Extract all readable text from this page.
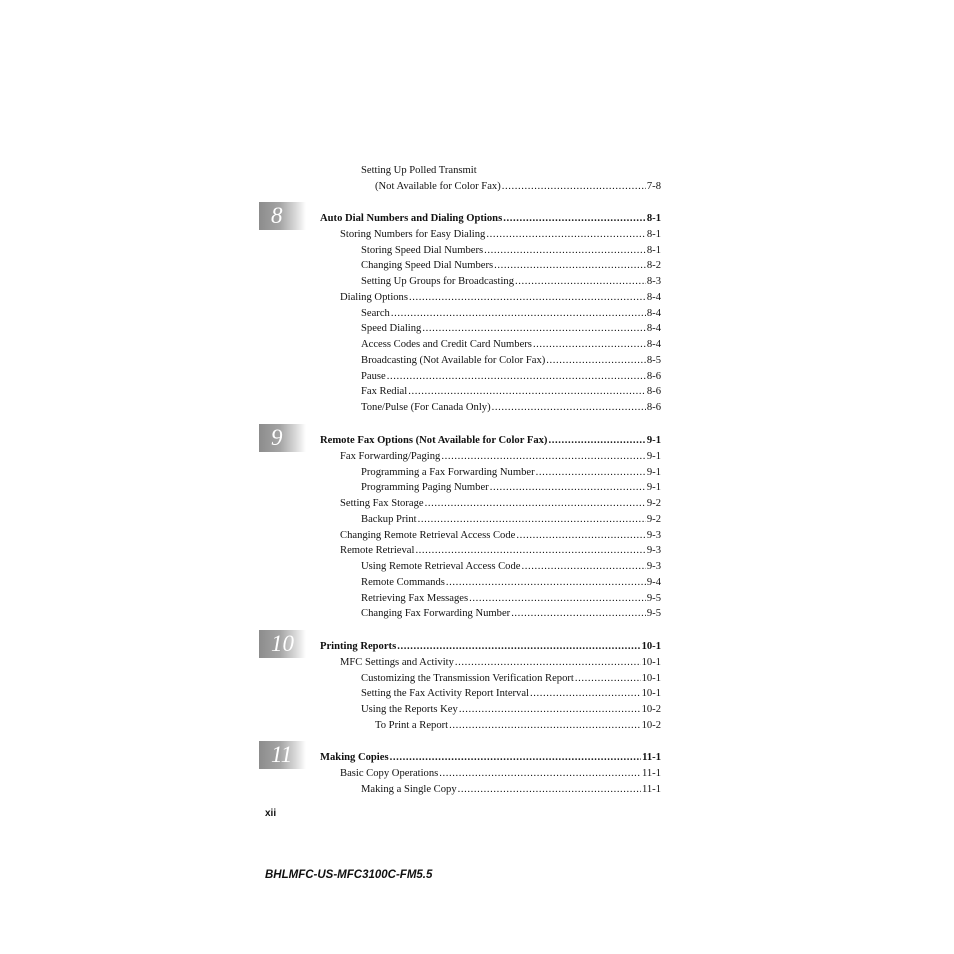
Setting Up Polled Transmit
(Not Available for Color Fax) .....	7-8
8
9
10
11
Auto Dial Numbers and Dialing Options .....	8-1
Storing Numbers for Easy Dialing .....	8-1
Storing Speed Dial Numbers .....	8-1
Changing Speed Dial Numbers .....	8-2
Setting Up Groups for Broadcasting .....	8-3
Dialing Options .....	8-4
Search .....	8-4
Speed Dialing .....	8-4
Access Codes and Credit Card Numbers .....	8-4
Broadcasting (Not Available for Color Fax) .....	8-5
Pause .....	8-6
Fax Redial .....	8-6
Tone/Pulse (For Canada Only) .....	8-6
Remote Fax Options (Not Available for Color Fax) .....	9-1
Fax Forwarding/Paging .....	9-1
Programming a Fax Forwarding Number .....	9-1
Programming Paging Number .....	9-1
Setting Fax Storage .....	9-2
Backup Print .....	9-2
Changing Remote Retrieval Access Code .....	9-3
Remote Retrieval .....	9-3
Using Remote Retrieval Access Code .....	9-3
Remote Commands .....	9-4
Retrieving Fax Messages .....	9-5
Changing Fax Forwarding Number .....	9-5
Printing Reports .....	10-1
MFC Settings and Activity .....	10-1
Customizing the Transmission Verification Report .....	10-1
Setting the Fax Activity Report Interval .....	10-1
Using the Reports Key .....	10-2
To Print a Report .....	10-2
Making Copies .....	11-1
Basic Copy Operations .....	11-1
Making a Single Copy .....	11-1
xii
BHLMFC-US-MFC3100C-FM5.5
